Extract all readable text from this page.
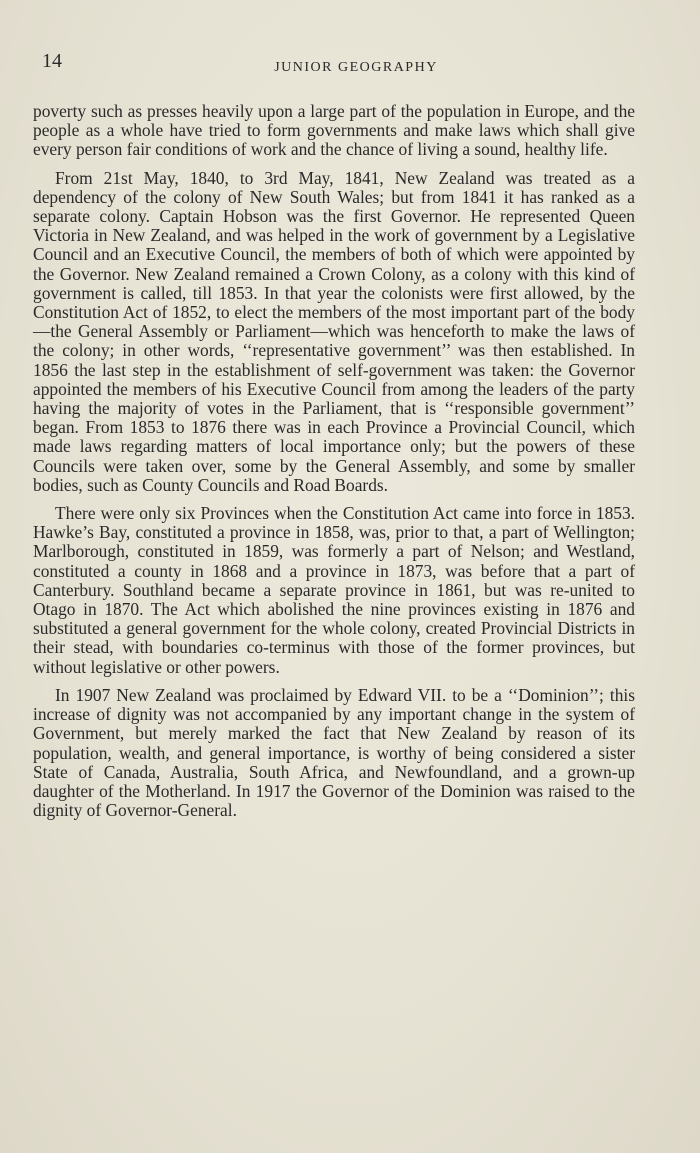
14	JUNIOR GEOGRAPHY

poverty such as presses heavily upon a large part of the population in Europe, and the people as a whole have tried to form governments and make laws which shall give every person fair conditions of work and the chance of living a sound, healthy life.

From 21st May, 1840, to 3rd May, 1841, New Zealand was treated as a dependency of the colony of New South Wales; but from 1841 it has ranked as a separate colony. Captain Hobson was the first Governor. He represented Queen Victoria in New Zealand, and was helped in the work of government by a Legislative Council and an Executive Council, the members of both of which were appointed by the Governor. New Zealand remained a Crown Colony, as a colony with this kind of government is called, till 1853. In that year the colonists were first allowed, by the Constitution Act of 1852, to elect the members of the most important part of the body—the General Assembly or Parliament—which was henceforth to make the laws of the colony; in other words, ‘‘representative government’’ was then established. In 1856 the last step in the establishment of self-government was taken: the Governor appointed the members of his Executive Council from among the leaders of the party having the majority of votes in the Parliament, that is ‘‘responsible government’’ began. From 1853 to 1876 there was in each Province a Provincial Council, which made laws regarding matters of local importance only; but the powers of these Councils were taken over, some by the General Assembly, and some by smaller bodies, such as County Councils and Road Boards.

There were only six Provinces when the Constitution Act came into force in 1853. Hawke’s Bay, constituted a province in 1858, was, prior to that, a part of Wellington; Marlborough, constituted in 1859, was formerly a part of Nelson; and Westland, constituted a county in 1868 and a province in 1873, was before that a part of Canterbury. Southland became a separate province in 1861, but was re-united to Otago in 1870. The Act which abolished the nine provinces existing in 1876 and substituted a general government for the whole colony, created Provincial Districts in their stead, with boundaries co-terminus with those of the former provinces, but without legislative or other powers.

In 1907 New Zealand was proclaimed by Edward VII. to be a ‘‘Dominion’’; this increase of dignity was not accompanied by any important change in the system of Government, but merely marked the fact that New Zealand by reason of its population, wealth, and general importance, is worthy of being considered a sister State of Canada, Australia, South Africa, and Newfoundland, and a grown-up daughter of the Motherland. In 1917 the Governor of the Dominion was raised to the dignity of Governor-General.
